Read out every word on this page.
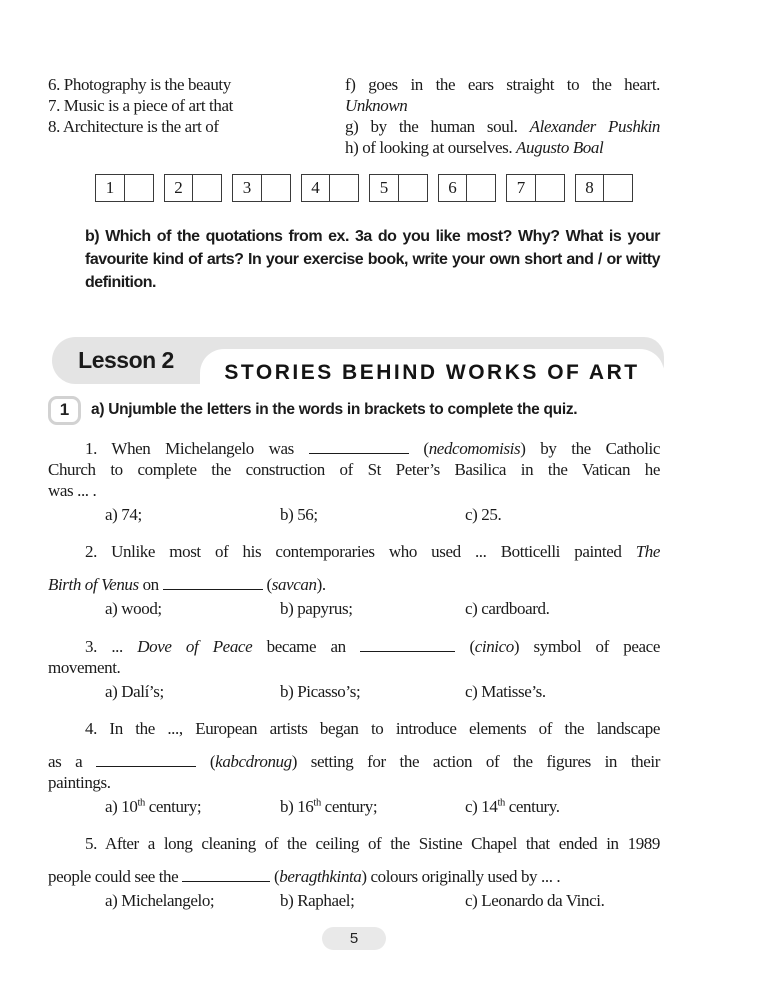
6. Photography is the beauty
7. Music is a piece of art that
8. Architecture is the art of
f) goes in the ears straight to the heart.
Unknown
g) by the human soul. Alexander Pushkin
h) of looking at ourselves. Augusto Boal
1	2	3	4	5	6	7	8
b) Which of the quotations from ex. 3a do you like most? Why? What is your
favourite kind of arts? In your exercise book, write your own short and / or witty
definition.
Lesson 2	STORIES BEHIND WORKS OF ART
1	a) Unjumble the letters in the words in brackets to complete the quiz.
1. When Michelangelo was	(nedcomomisis) by the Catholic
Church to complete the construction of St Peter’s Basilica in the Vatican he
was ... .
a) 74;	b) 56;	c) 25.
2. Unlike most of his contemporaries who used ... Botticelli painted The
Birth of Venus on	(savcan).
a) wood;	b) papyrus;	c) cardboard.
3. ... Dove of Peace became an	(cinico) symbol of peace
movement.
a) Dalí’s;	b) Picasso’s;	c) Matisse’s.
4. In the ..., European artists began to introduce elements of the landscape
as a	(kabcdronug) setting for the action of the figures in their
paintings.
a) 10th century;	b) 16th century;	c) 14th century.
5. After a long cleaning of the ceiling of the Sistine Chapel that ended in 1989
people could see the	(beragthkinta) colours originally used by ... .
a) Michelangelo;	b) Raphael;	c) Leonardo da Vinci.
5
